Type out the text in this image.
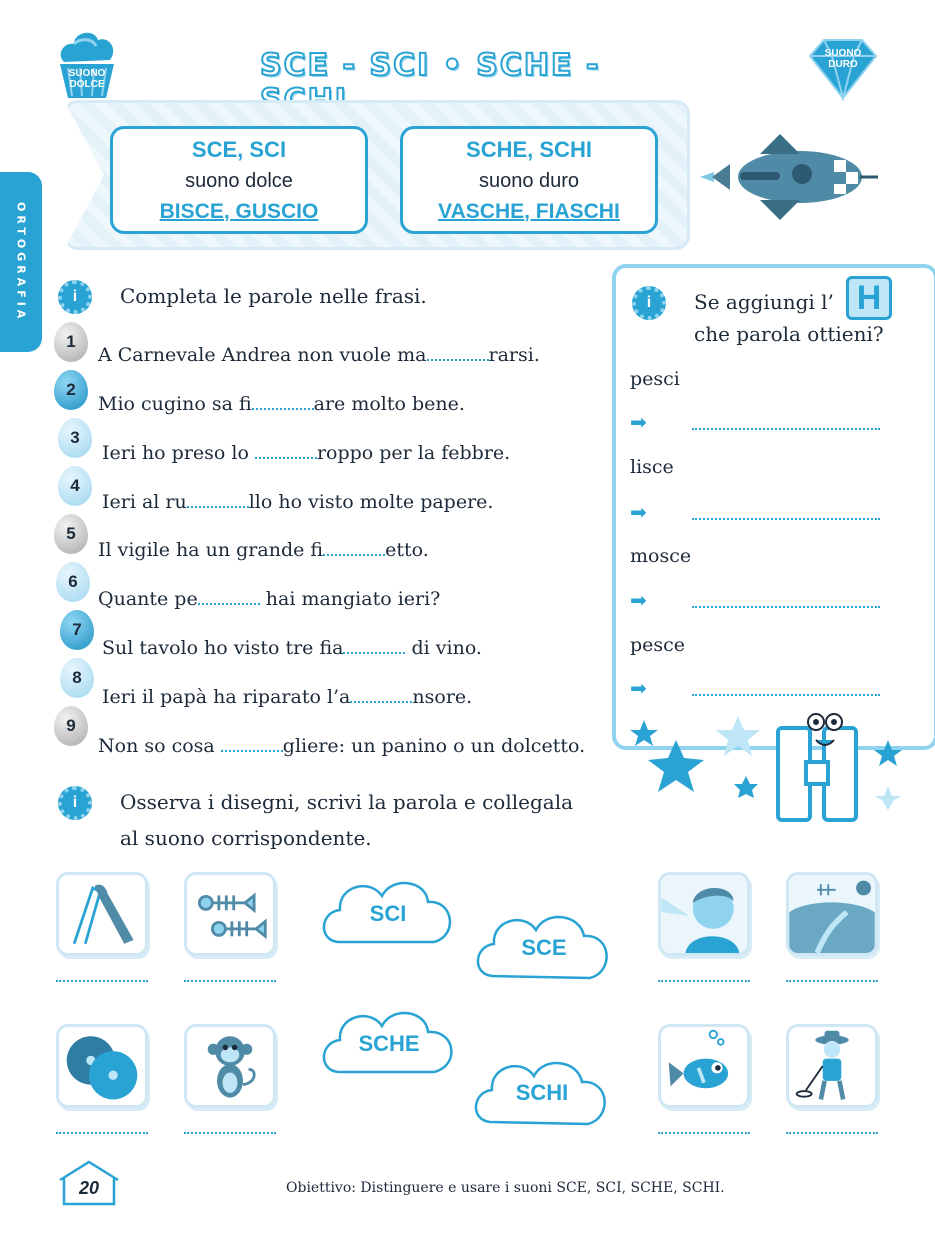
ORTOGRAFIA
SUONO DOLCE
SUONO DURO
SCE - SCI • SCHE -
SCE, SCI
suono dolce
BISCE, GUSCIO
SCHE, SCHI
suono duro
VASCHE, FIASCHI
i	Completa le parole nelle frasi.
1
A Carnevale Andrea non vuole ma	rarsi.
2
Mio cugino sa fi	are molto bene.
3
Ieri ho preso lo	roppo per la febbre.
4
Ieri al ru	llo ho visto molte papere.
5
Il vigile ha un grande fi	etto.
6
Quante pe	hai mangiato ieri?
7
Sul tavolo ho visto tre fia	di vino.
8
Ieri il papà ha riparato l’a	nsore.
9
Non so cosa	gliere: un panino o un dolcetto.
i	Se aggiungi l’ H
che parola ottieni?
pesci
➡
lisce
➡
mosce
➡
pesce
➡
i	Osserva i disegni, scrivi la parola e collegala
al suono corrispondente.
SCI
SCE
SCHE
SCHI
20	Obiettivo: Distinguere e usare i suoni SCE, SCI, SCHE, SCHI.
